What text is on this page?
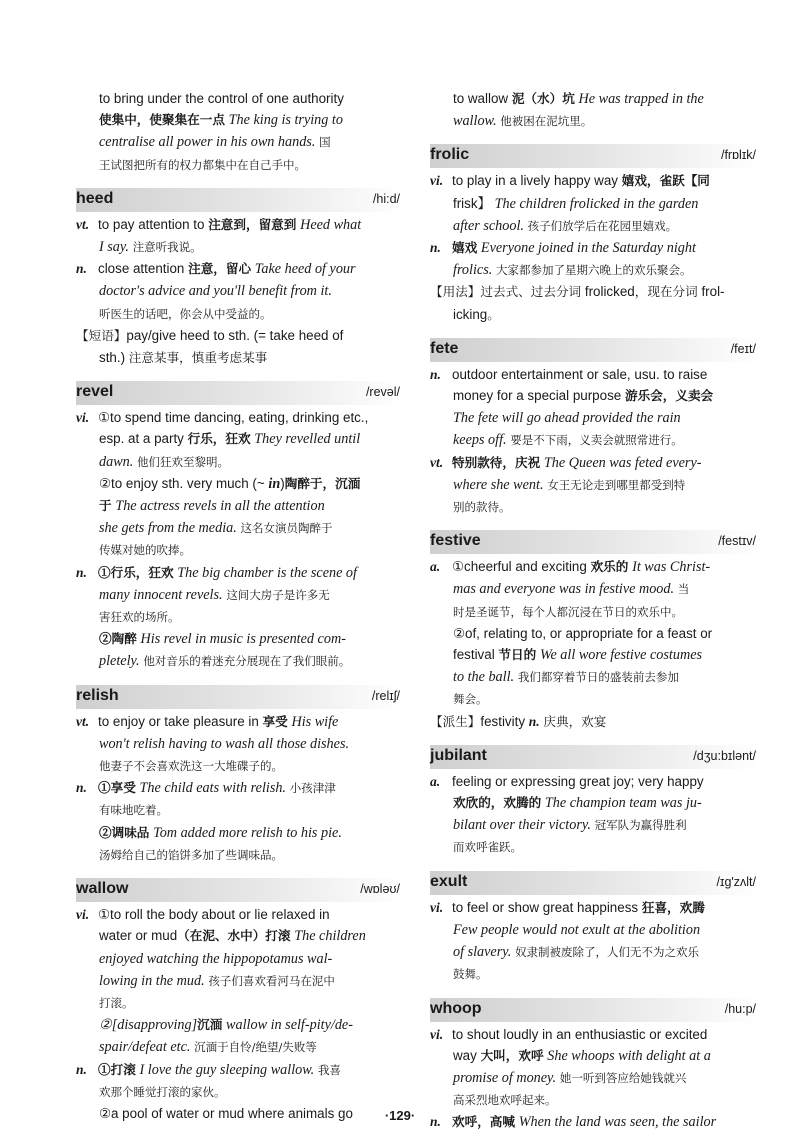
to bring under the control of one authority
使集中，使聚集在一点 The king is trying to
centralise all power in his own hands. 国
王试图把所有的权力都集中在自己手中。
heed	/hi:d/
vt. to pay attention to 注意到，留意到 Heed what
I say. 注意听我说。
n. close attention 注意，留心 Take heed of your
doctor's advice and you'll benefit from it.
听医生的话吧，你会从中受益的。
【短语】pay/give heed to sth. (= take heed of
sth.) 注意某事，慎重考虑某事
revel	/revəl/
vi. ①to spend time dancing, eating, drinking etc.,
esp. at a party 行乐，狂欢 They revelled until
dawn. 他们狂欢至黎明。
②to enjoy sth. very much (~ in)陶醉于，沉湎
于 The actress revels in all the attention
she gets from the media. 这名女演员陶醉于
传媒对她的吹捧。
n. ①行乐，狂欢 The big chamber is the scene of
many innocent revels. 这间大房子是许多无
害狂欢的场所。
②陶醉 His revel in music is presented com-
pletely. 他对音乐的着迷充分展现在了我们眼前。
relish	/relɪʃ/
vt. to enjoy or take pleasure in 享受 His wife
won't relish having to wash all those dishes.
他妻子不会喜欢洗这一大堆碟子的。
n. ①享受 The child eats with relish. 小孩津津
有味地吃着。
②调味品 Tom added more relish to his pie.
汤姆给自己的馅饼多加了些调味品。
wallow	/wɒləʊ/
vi. ①to roll the body about or lie relaxed in
water or mud（在泥、水中）打滚 The children
enjoyed watching the hippopotamus wal-
lowing in the mud. 孩子们喜欢看河马在泥中
打滚。
②[disapproving]沉湎 wallow in self-pity/de-
spair/defeat etc. 沉湎于自怜/绝望/失败等
n. ①打滚 I love the guy sleeping wallow. 我喜
欢那个睡觉打滚的家伙。
②a pool of water or mud where animals go
to wallow 泥（水）坑 He was trapped in the
wallow. 他被困在泥坑里。
frolic	/frɒlɪk/
vi. to play in a lively happy way 嬉戏，雀跃【同
frisk】 The children frolicked in the garden
after school. 孩子们放学后在花园里嬉戏。
n. 嬉戏 Everyone joined in the Saturday night
frolics. 大家都参加了星期六晚上的欢乐聚会。
【用法】过去式、过去分词 frolicked，现在分词 frol-
icking。
fete	/feɪt/
n. outdoor entertainment or sale, usu. to raise
money for a special purpose 游乐会，义卖会
The fete will go ahead provided the rain
keeps off. 要是不下雨，义卖会就照常进行。
vt. 特别款待，庆祝 The Queen was feted every-
where she went. 女王无论走到哪里都受到特
别的款待。
festive	/festɪv/
a. ①cheerful and exciting 欢乐的 It was Christ-
mas and everyone was in festive mood. 当
时是圣诞节，每个人都沉浸在节日的欢乐中。
②of, relating to, or appropriate for a feast or
festival 节日的 We all wore festive costumes
to the ball. 我们都穿着节日的盛装前去参加
舞会。
【派生】festivity n. 庆典，欢宴
jubilant	/dʒu:bɪlənt/
a. feeling or expressing great joy; very happy
欢欣的，欢腾的 The champion team was ju-
bilant over their victory. 冠军队为赢得胜利
而欢呼雀跃。
exult	/ɪg'zʌlt/
vi. to feel or show great happiness 狂喜，欢腾
Few people would not exult at the abolition
of slavery. 奴隶制被废除了，人们无不为之欢乐
鼓舞。
whoop	/hu:p/
vi. to shout loudly in an enthusiastic or excited
way 大叫，欢呼 She whoops with delight at a
promise of money. 她一听到答应给她钱就兴
高采烈地欢呼起来。
n. 欢呼，高喊 When the land was seen, the sailor
·129·
